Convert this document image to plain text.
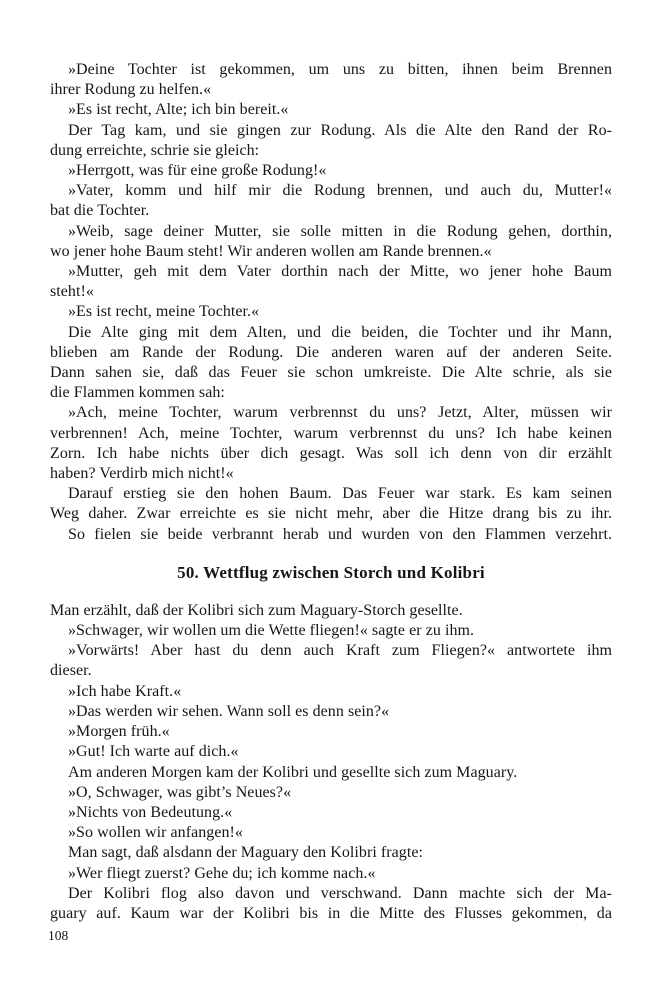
»Deine Tochter ist gekommen, um uns zu bitten, ihnen beim Brennen
ihrer Rodung zu helfen.«
»Es ist recht, Alte; ich bin bereit.«
Der Tag kam, und sie gingen zur Rodung. Als die Alte den Rand der Ro-
dung erreichte, schrie sie gleich:
»Herrgott, was für eine große Rodung!«
»Vater, komm und hilf mir die Rodung brennen, und auch du, Mutter!«
bat die Tochter.
»Weib, sage deiner Mutter, sie solle mitten in die Rodung gehen, dorthin,
wo jener hohe Baum steht! Wir anderen wollen am Rande brennen.«
»Mutter, geh mit dem Vater dorthin nach der Mitte, wo jener hohe Baum
steht!«
»Es ist recht, meine Tochter.«
Die Alte ging mit dem Alten, und die beiden, die Tochter und ihr Mann,
blieben am Rande der Rodung. Die anderen waren auf der anderen Seite.
Dann sahen sie, daß das Feuer sie schon umkreiste. Die Alte schrie, als sie
die Flammen kommen sah:
»Ach, meine Tochter, warum verbrennst du uns? Jetzt, Alter, müssen wir
verbrennen! Ach, meine Tochter, warum verbrennst du uns? Ich habe keinen
Zorn. Ich habe nichts über dich gesagt. Was soll ich denn von dir erzählt
haben? Verdirb mich nicht!«
Darauf erstieg sie den hohen Baum. Das Feuer war stark. Es kam seinen
Weg daher. Zwar erreichte es sie nicht mehr, aber die Hitze drang bis zu ihr.
So fielen sie beide verbrannt herab und wurden von den Flammen verzehrt.
50. Wettflug zwischen Storch und Kolibri
Man erzählt, daß der Kolibri sich zum Maguary-Storch gesellte.
»Schwager, wir wollen um die Wette fliegen!« sagte er zu ihm.
»Vorwärts! Aber hast du denn auch Kraft zum Fliegen?« antwortete ihm
dieser.
»Ich habe Kraft.«
»Das werden wir sehen. Wann soll es denn sein?«
»Morgen früh.«
»Gut! Ich warte auf dich.«
Am anderen Morgen kam der Kolibri und gesellte sich zum Maguary.
»O, Schwager, was gibt’s Neues?«
»Nichts von Bedeutung.«
»So wollen wir anfangen!«
Man sagt, daß alsdann der Maguary den Kolibri fragte:
»Wer fliegt zuerst? Gehe du; ich komme nach.«
Der Kolibri flog also davon und verschwand. Dann machte sich der Ma-
guary auf. Kaum war der Kolibri bis in die Mitte des Flusses gekommen, da
108
